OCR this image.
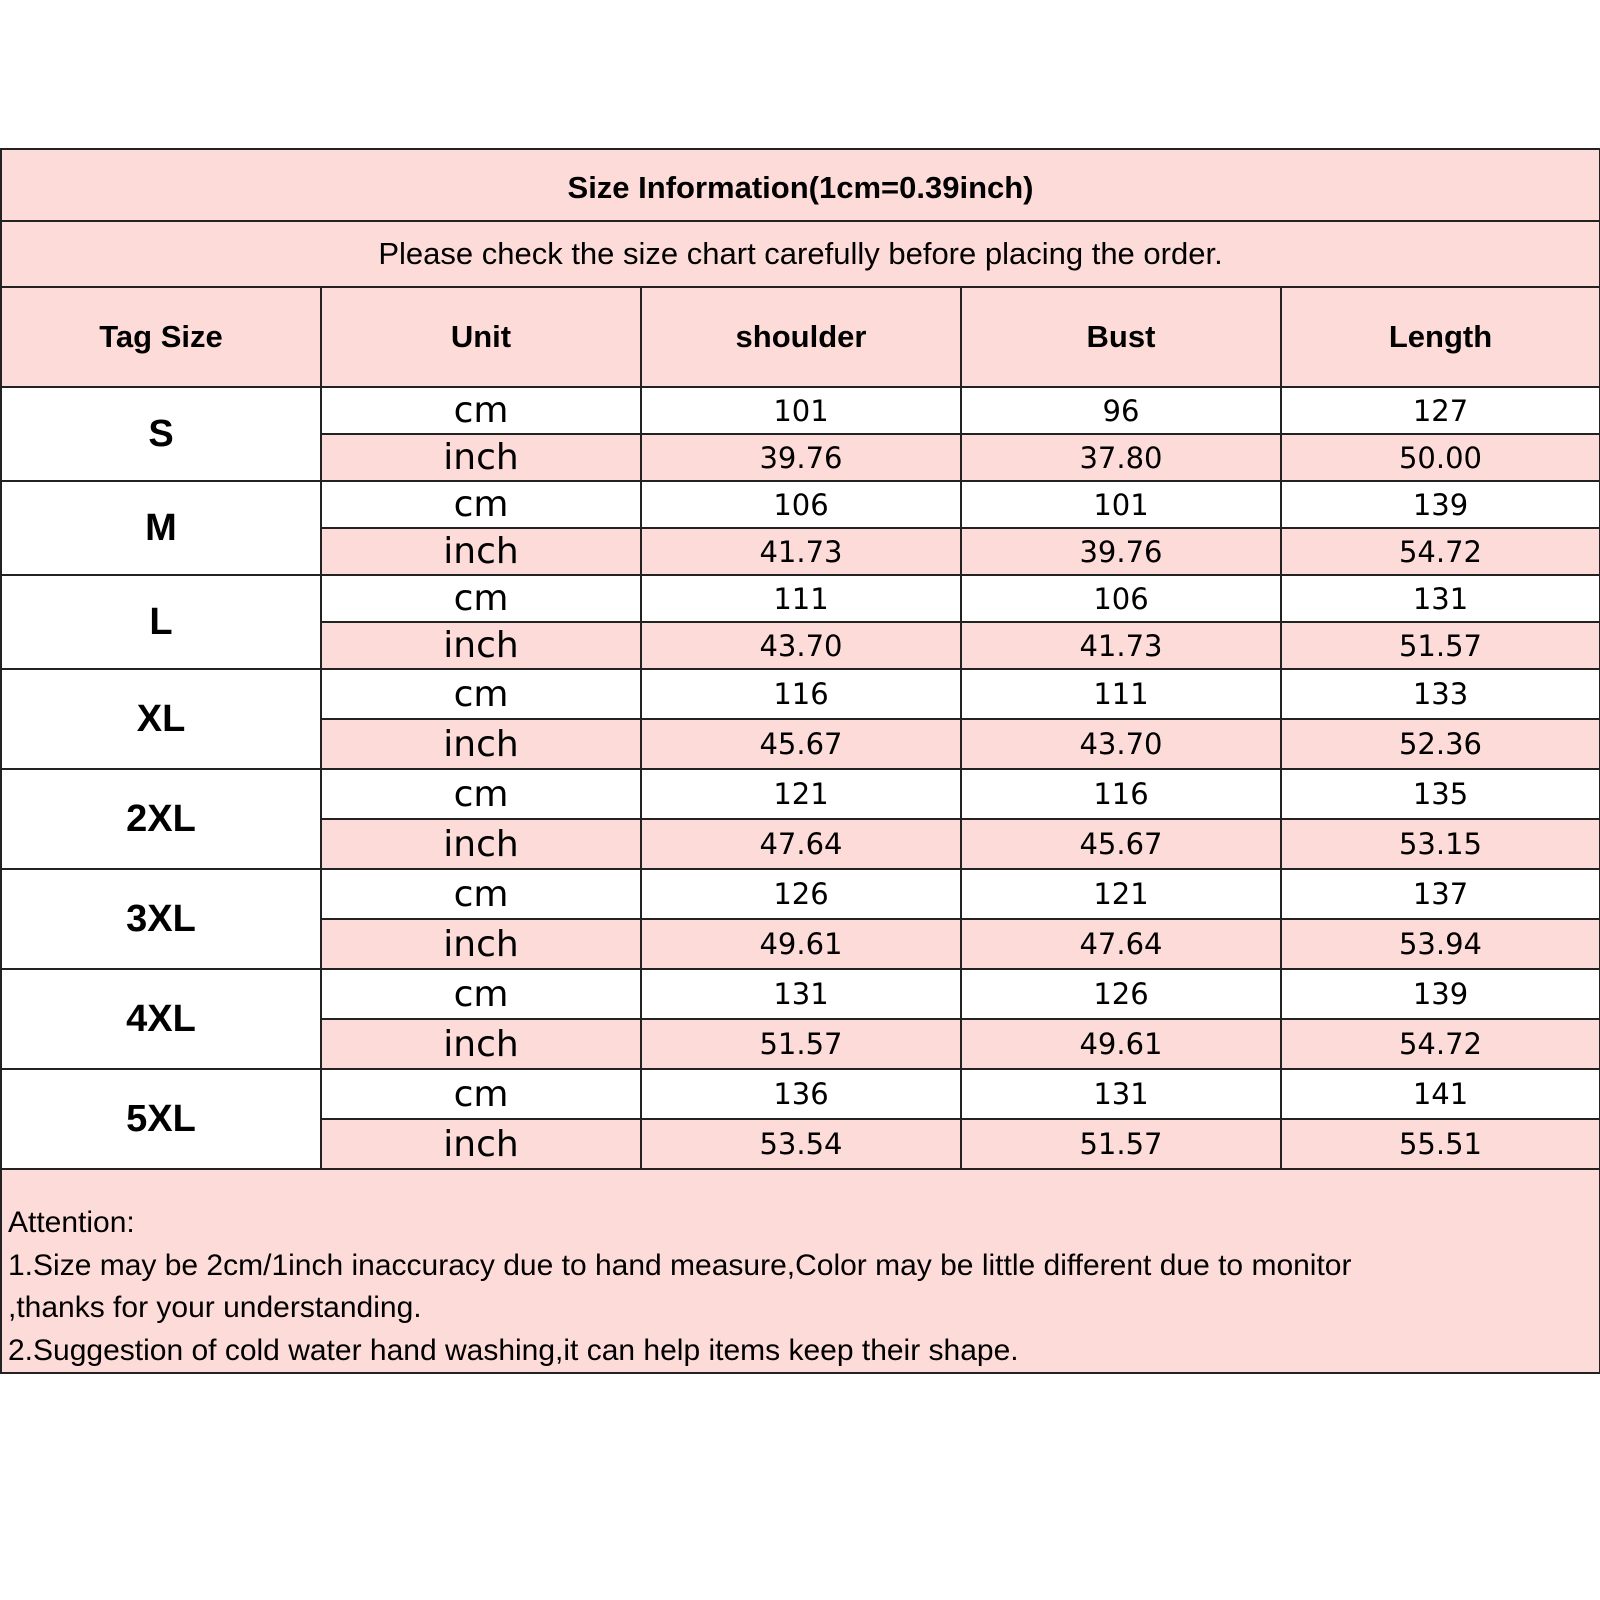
Size Information(1cm=0.39inch)				
Please check the size chart carefully before placing the order.				
Tag Size	Unit	shoulder	Bust	Length
S	cm	101	96	127
	inch	39.76	37.80	50.00
M	cm	106	101	139
	inch	41.73	39.76	54.72
L	cm	111	106	131
	inch	43.70	41.73	51.57
XL	cm	116	111	133
	inch	45.67	43.70	52.36
2XL	cm	121	116	135
	inch	47.64	45.67	53.15
3XL	cm	126	121	137
	inch	49.61	47.64	53.94
4XL	cm	131	126	139
	inch	51.57	49.61	54.72
5XL	cm	136	131	141
	inch	53.54	51.57	55.51

Attention:
1.Size may be 2cm/1inch inaccuracy due to hand measure,Color may be little different due to monitor
,thanks for your understanding.
2.Suggestion of cold water hand washing,it can help items keep their shape.				
